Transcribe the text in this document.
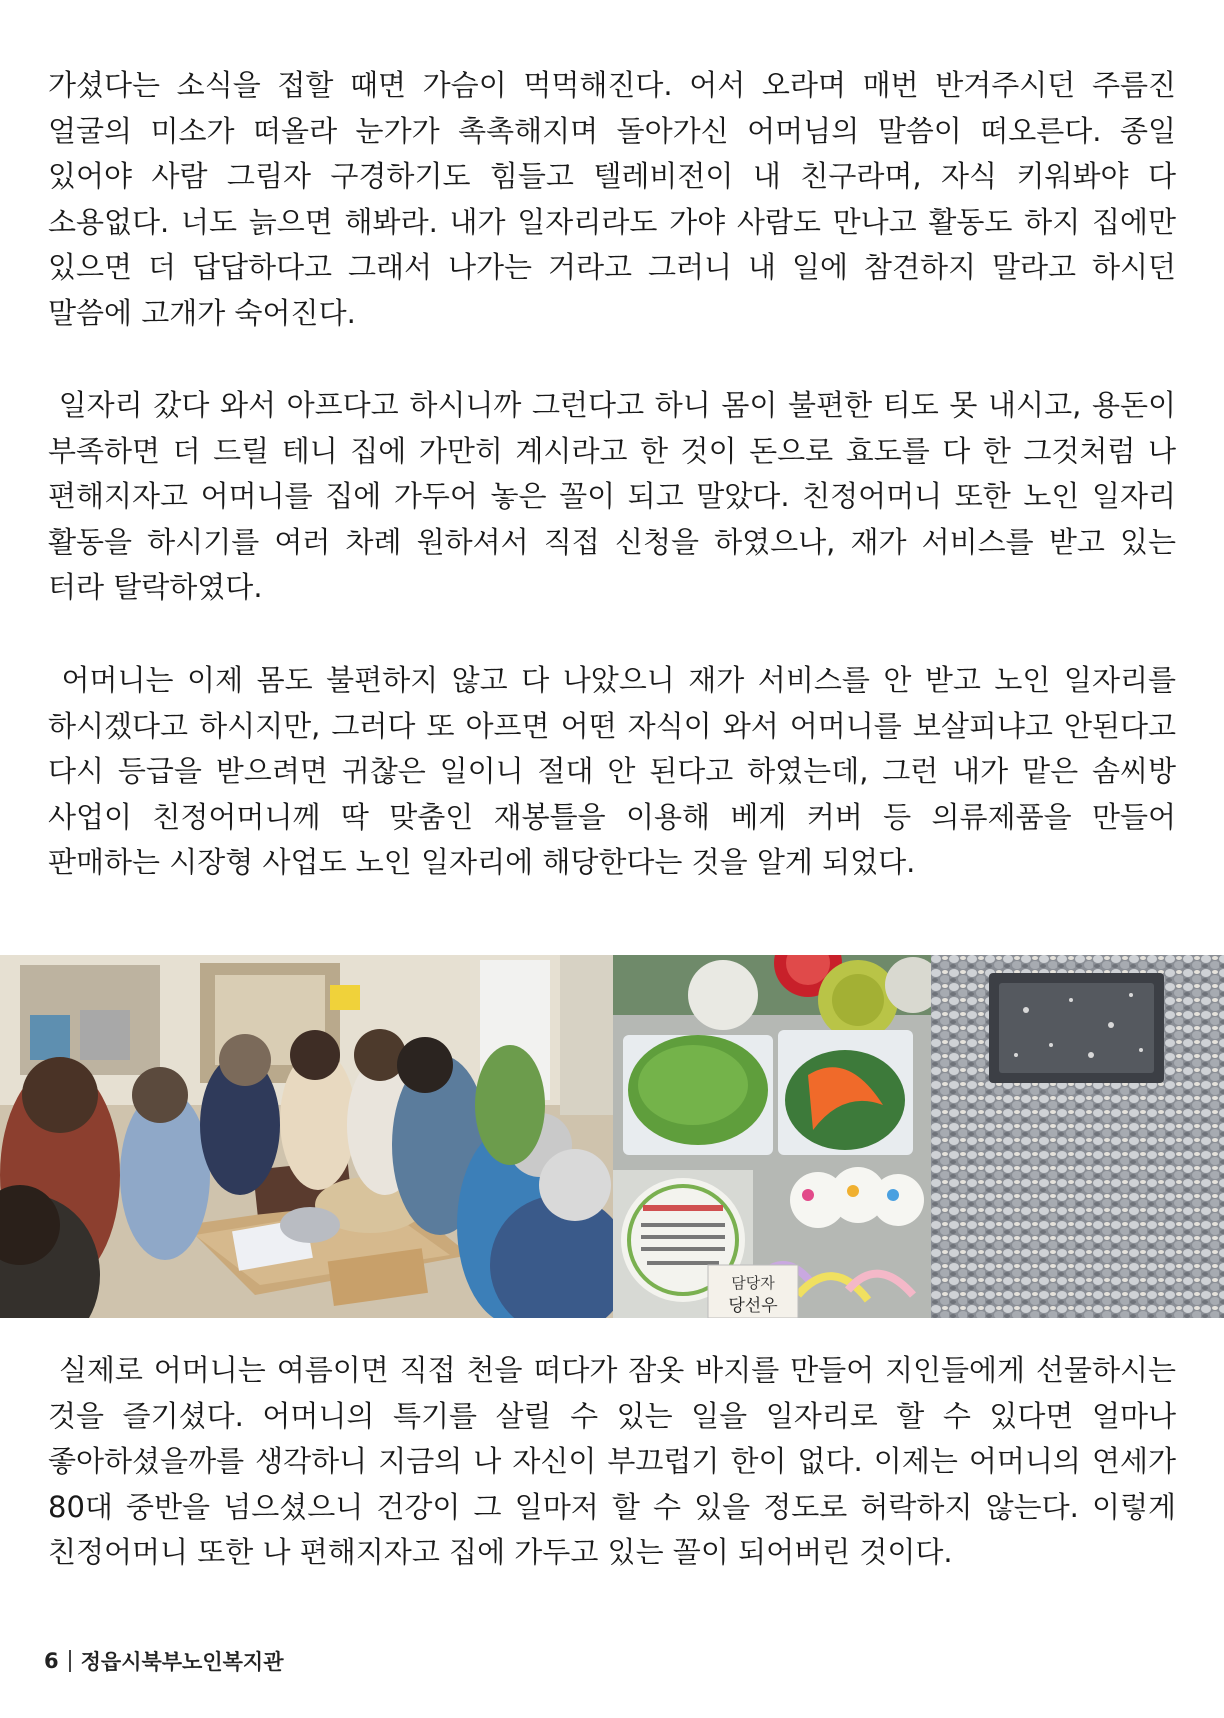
가셨다는 소식을 접할 때면 가슴이 먹먹해진다. 어서 오라며 매번 반겨주시던 주름진 얼굴의 미소가 떠올라 눈가가 촉촉해지며 돌아가신 어머님의 말씀이 떠오른다. 종일 있어야 사람 그림자 구경하기도 힘들고 텔레비전이 내 친구라며, 자식 키워봐야 다 소용없다. 너도 늙으면 해봐라. 내가 일자리라도 가야 사람도 만나고 활동도 하지 집에만 있으면 더 답답하다고 그래서 나가는 거라고 그러니 내 일에 참견하지 말라고 하시던 말씀에 고개가 숙어진다.

일자리 갔다 와서 아프다고 하시니까 그런다고 하니 몸이 불편한 티도 못 내시고, 용돈이 부족하면 더 드릴 테니 집에 가만히 계시라고 한 것이 돈으로 효도를 다 한 그것처럼 나 편해지자고 어머니를 집에 가두어 놓은 꼴이 되고 말았다. 친정어머니 또한 노인 일자리 활동을 하시기를 여러 차례 원하셔서 직접 신청을 하였으나, 재가 서비스를 받고 있는 터라 탈락하였다.

어머니는 이제 몸도 불편하지 않고 다 나았으니 재가 서비스를 안 받고 노인 일자리를 하시겠다고 하시지만, 그러다 또 아프면 어떤 자식이 와서 어머니를 보살피냐고 안된다고 다시 등급을 받으려면 귀찮은 일이니 절대 안 된다고 하였는데, 그런 내가 맡은 솜씨방 사업이 친정어머니께 딱 맞춤인 재봉틀을 이용해 베게 커버 등 의류제품을 만들어 판매하는 시장형 사업도 노인 일자리에 해당한다는 것을 알게 되었다.

담당자
당선우

실제로 어머니는 여름이면 직접 천을 떠다가 잠옷 바지를 만들어 지인들에게 선물하시는 것을 즐기셨다. 어머니의 특기를 살릴 수 있는 일을 일자리로 할 수 있다면 얼마나 좋아하셨을까를 생각하니 지금의 나 자신이 부끄럽기 한이 없다. 이제는 어머니의 연세가 80대 중반을 넘으셨으니 건강이 그 일마저 할 수 있을 정도로 허락하지 않는다. 이렇게 친정어머니 또한 나 편해지자고 집에 가두고 있는 꼴이 되어버린 것이다.

6 정읍시북부노인복지관
